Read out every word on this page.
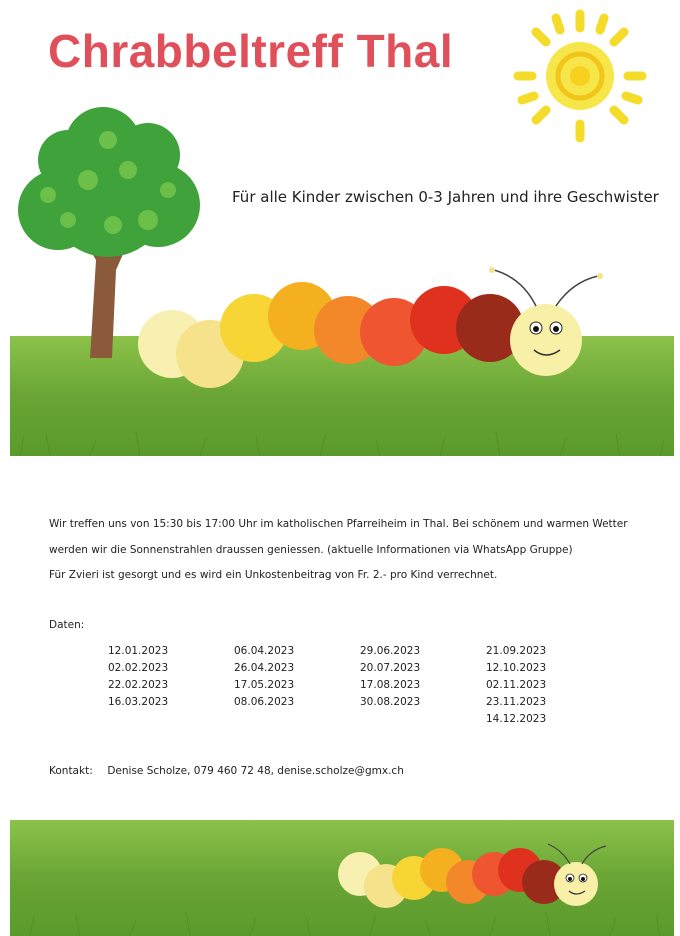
Chrabbeltreff Thal
Für alle Kinder zwischen 0-3 Jahren und ihre Geschwister
Wir treffen uns von 15:30 bis 17:00 Uhr im katholischen Pfarreiheim in Thal. Bei schönem und warmen Wetter
werden wir die Sonnenstrahlen draussen geniessen. (aktuelle Informationen via WhatsApp Gruppe)
Für Zvieri ist gesorgt und es wird ein Unkostenbeitrag von Fr. 2.- pro Kind verrechnet.
Daten:
12.01.2023
02.02.2023
22.02.2023
16.03.2023
06.04.2023
26.04.2023
17.05.2023
08.06.2023
29.06.2023
20.07.2023
17.08.2023
30.08.2023
21.09.2023
12.10.2023
02.11.2023
23.11.2023
14.12.2023
Kontakt: Denise Scholze, 079 460 72 48, denise.scholze@gmx.ch
